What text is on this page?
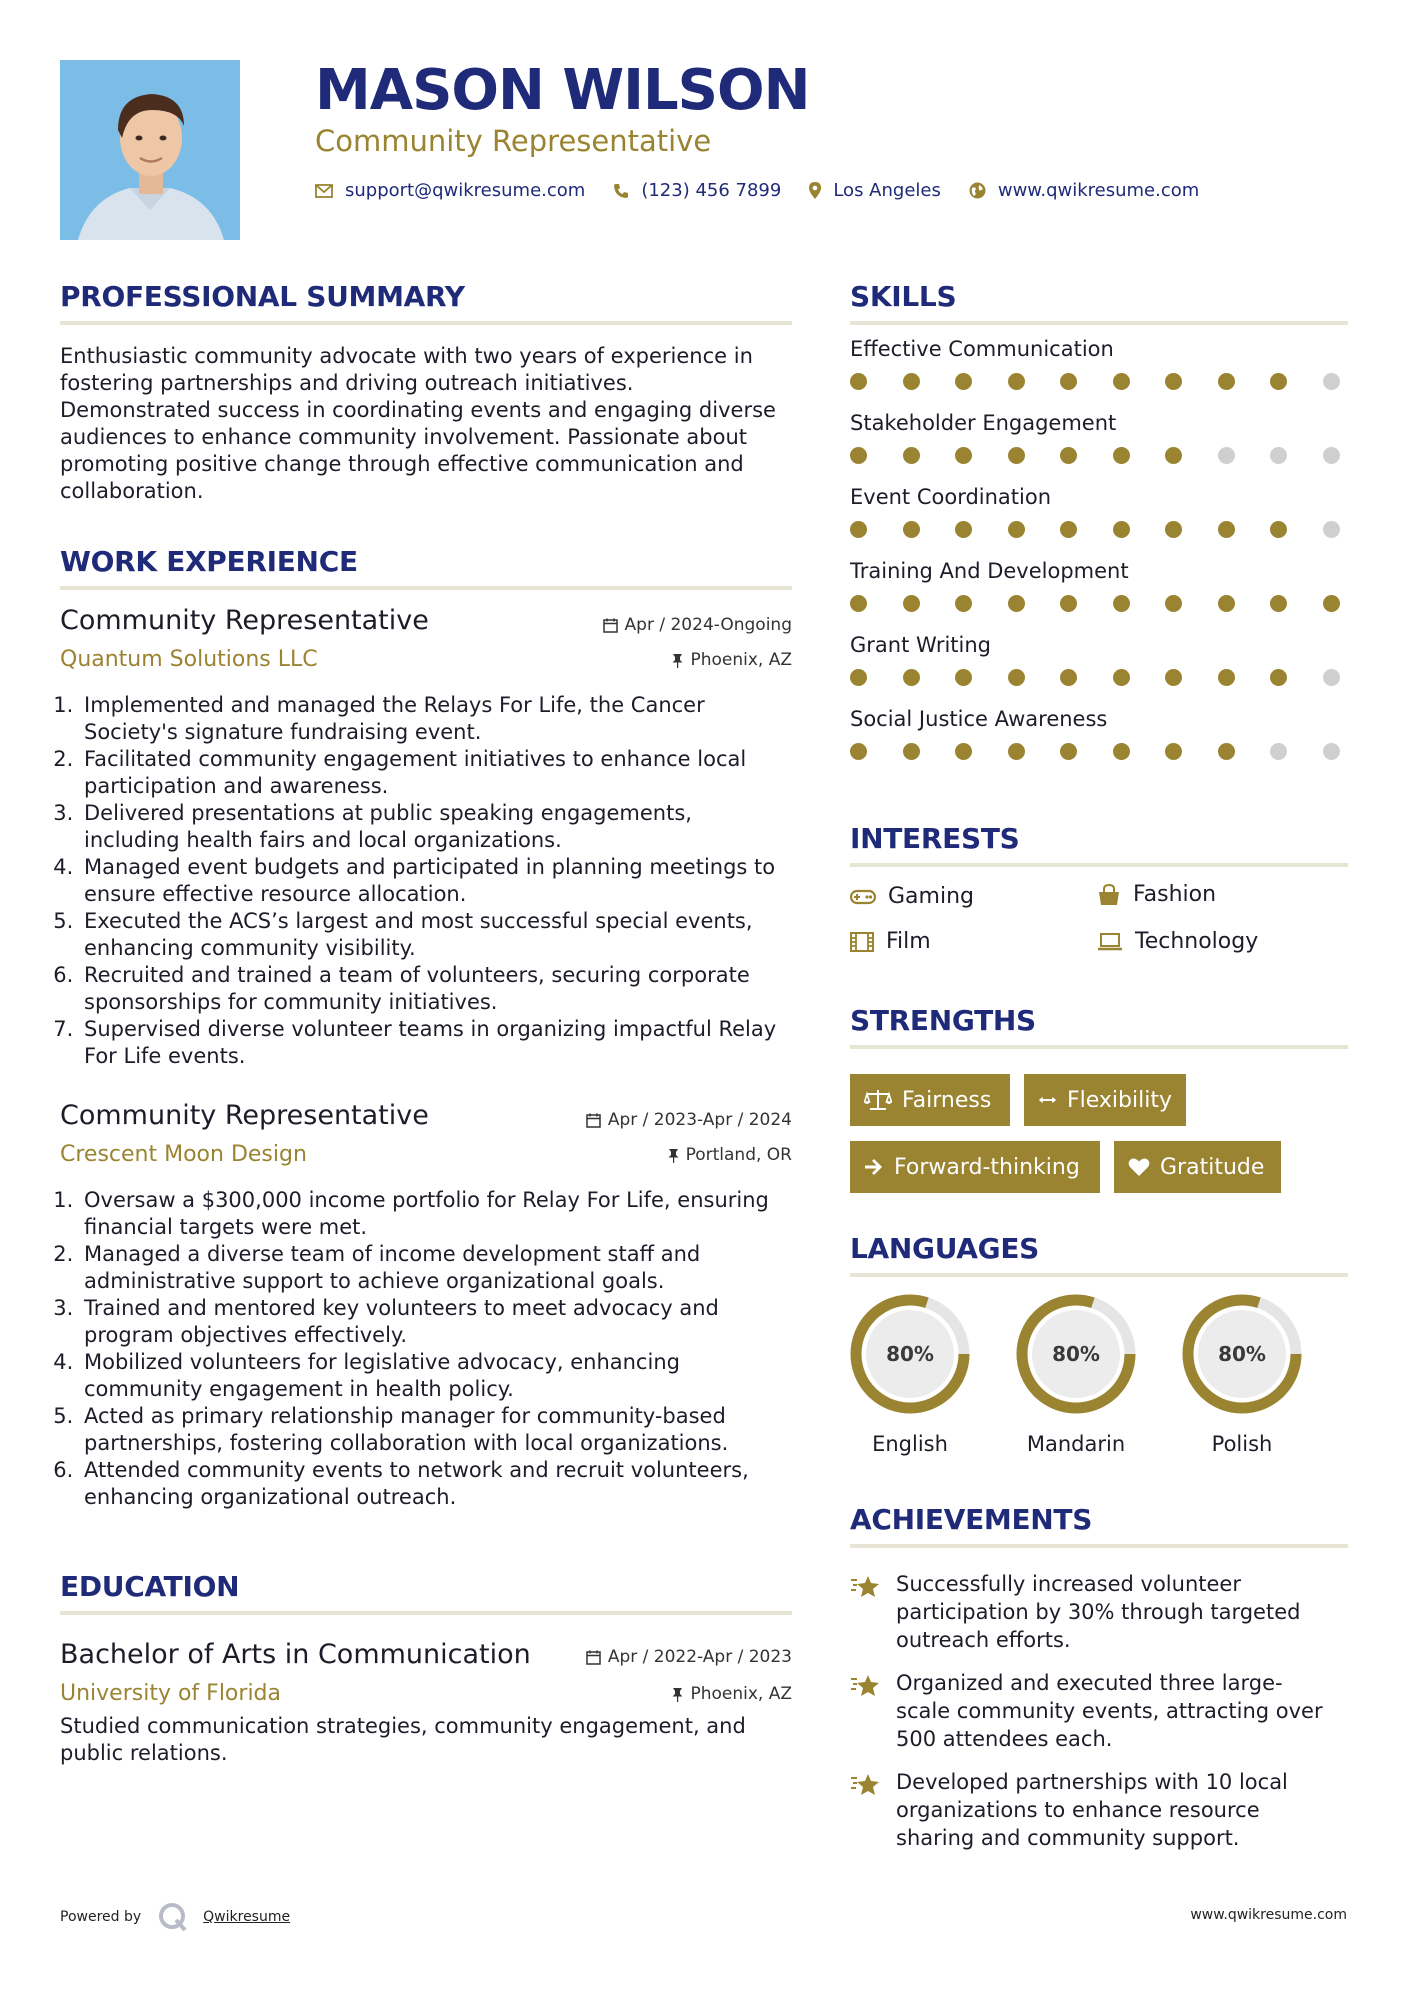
MASON WILSON
Community Representative
support@qwikresume.com	(123) 456 7899	Los Angeles	www.qwikresume.com
PROFESSIONAL SUMMARY
Enthusiastic community advocate with two years of experience in fostering partnerships and driving outreach initiatives. Demonstrated success in coordinating events and engaging diverse audiences to enhance community involvement. Passionate about promoting positive change through effective communication and collaboration.
WORK EXPERIENCE
Community Representative
Quantum Solutions LLC
Apr / 2024-Ongoing
Phoenix, AZ
1. Implemented and managed the Relays For Life, the Cancer Society's signature fundraising event.
2. Facilitated community engagement initiatives to enhance local participation and awareness.
3. Delivered presentations at public speaking engagements, including health fairs and local organizations.
4. Managed event budgets and participated in planning meetings to ensure effective resource allocation.
5. Executed the ACS’s largest and most successful special events, enhancing community visibility.
6. Recruited and trained a team of volunteers, securing corporate sponsorships for community initiatives.
7. Supervised diverse volunteer teams in organizing impactful Relay For Life events.
Community Representative
Crescent Moon Design
Apr / 2023-Apr / 2024
Portland, OR
1. Oversaw a $300,000 income portfolio for Relay For Life, ensuring financial targets were met.
2. Managed a diverse team of income development staff and administrative support to achieve organizational goals.
3. Trained and mentored key volunteers to meet advocacy and program objectives effectively.
4. Mobilized volunteers for legislative advocacy, enhancing community engagement in health policy.
5. Acted as primary relationship manager for community-based partnerships, fostering collaboration with local organizations.
6. Attended community events to network and recruit volunteers, enhancing organizational outreach.
EDUCATION
Bachelor of Arts in Communication
University of Florida
Apr / 2022-Apr / 2023
Phoenix, AZ
Studied communication strategies, community engagement, and public relations.
SKILLS
Effective Communication
Stakeholder Engagement
Event Coordination
Training And Development
Grant Writing
Social Justice Awareness
INTERESTS
Gaming	Fashion
Film	Technology
STRENGTHS
Fairness	Flexibility
Forward-thinking	Gratitude
LANGUAGES
80%
English
80%
Mandarin
80%
Polish
ACHIEVEMENTS
Successfully increased volunteer participation by 30% through targeted outreach efforts.
Organized and executed three large-scale community events, attracting over 500 attendees each.
Developed partnerships with 10 local organizations to enhance resource sharing and community support.
Powered by	Qwikresume	www.qwikresume.com
